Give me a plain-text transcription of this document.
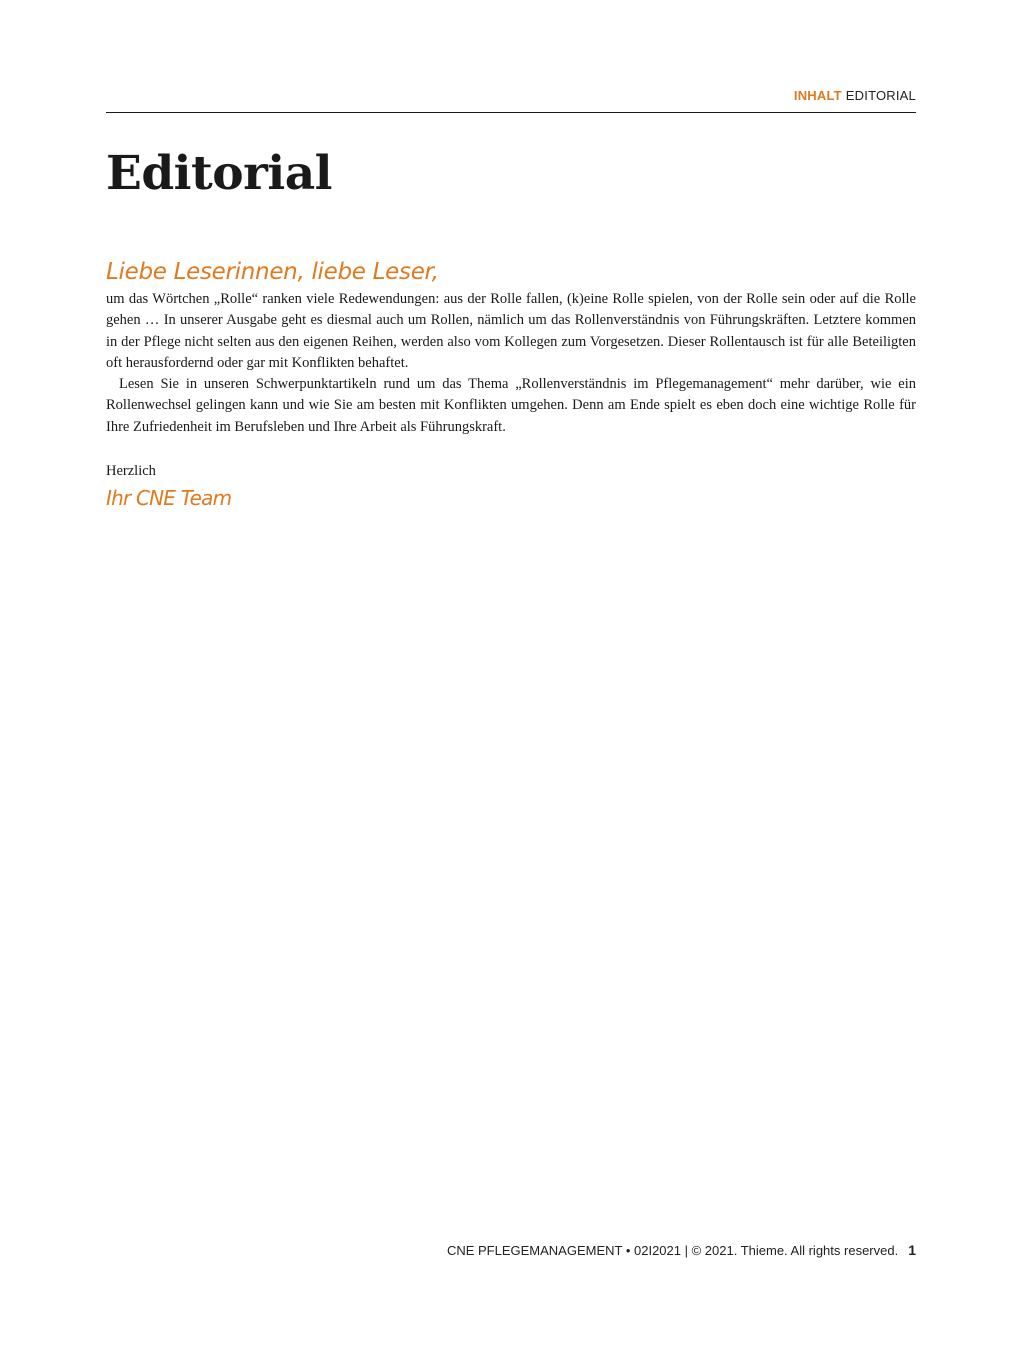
INHALT EDITORIAL
Editorial
Liebe Leserinnen, liebe Leser,

um das Wörtchen „Rolle“ ranken viele Redewendungen: aus der Rolle fallen, (k)eine Rolle spielen, von der Rolle sein oder auf die Rolle gehen … In unserer Ausgabe geht es diesmal auch um Rollen, nämlich um das Rollenverständnis von Führungskräften. Letztere kommen in der Pflege nicht selten aus den eigenen Reihen, werden also vom Kollegen zum Vorgesetzen. Dieser Rollentausch ist für alle Beteiligten oft herausfordernd oder gar mit Konflikten behaftet.

Lesen Sie in unseren Schwerpunktartikeln rund um das Thema „Rollenverständnis im Pflegemanagement“ mehr darüber, wie ein Rollenwechsel gelingen kann und wie Sie am besten mit Konflikten umgehen. Denn am Ende spielt es eben doch eine wichtige Rolle für Ihre Zufriedenheit im Berufsleben und Ihre Arbeit als Führungskraft.

Herzlich
Ihr CNE Team
CNE PFLEGEMANAGEMENT • 02I2021 | © 2021. Thieme. All rights reserved. 1
